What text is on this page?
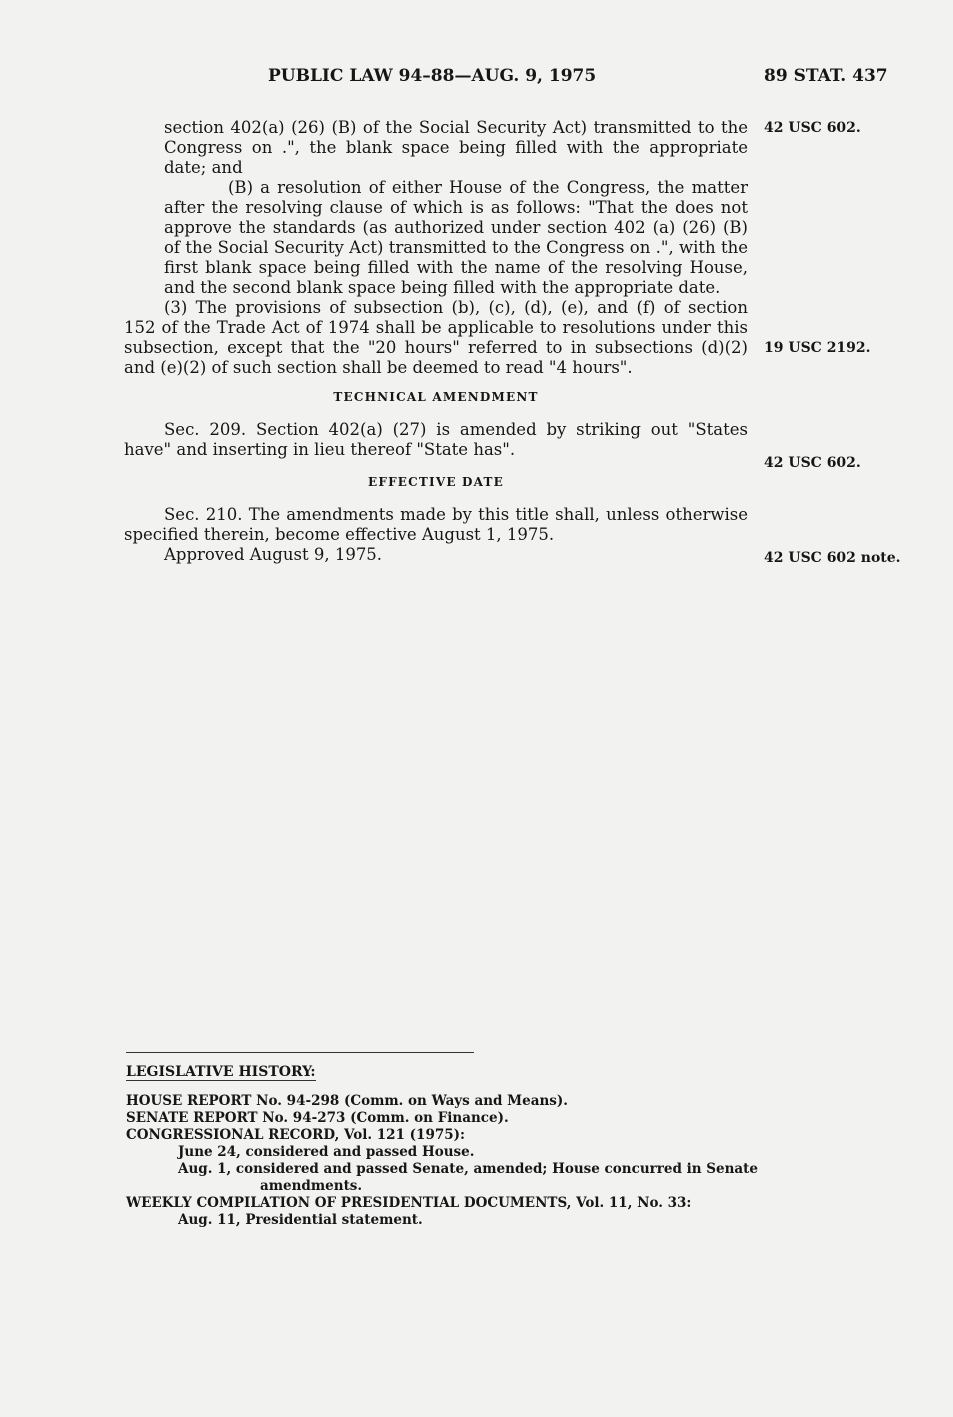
PUBLIC LAW 94–88—AUG. 9, 1975	89 STAT. 437

section 402(a) (26) (B) of the Social Security Act) transmitted to the Congress on .", the blank space being filled with the appropriate date; and

(B) a resolution of either House of the Congress, the matter after the resolving clause of which is as follows: "That the does not approve the standards (as authorized under section 402 (a) (26) (B) of the Social Security Act) transmitted to the Congress on .", with the first blank space being filled with the name of the resolving House, and the second blank space being filled with the appropriate date.

(3) The provisions of subsection (b), (c), (d), (e), and (f) of section 152 of the Trade Act of 1974 shall be applicable to resolutions under this subsection, except that the "20 hours" referred to in subsections (d)(2) and (e)(2) of such section shall be deemed to read "4 hours".

TECHNICAL AMENDMENT

Sec. 209. Section 402(a) (27) is amended by striking out "States have" and inserting in lieu thereof "State has".

EFFECTIVE DATE

Sec. 210. The amendments made by this title shall, unless otherwise specified therein, become effective August 1, 1975.

Approved August 9, 1975.

42 USC 602.
19 USC 2192.
42 USC 602.
42 USC 602 note.
LEGISLATIVE HISTORY:
HOUSE REPORT No. 94-298 (Comm. on Ways and Means).
SENATE REPORT No. 94-273 (Comm. on Finance).
CONGRESSIONAL RECORD, Vol. 121 (1975):
June 24, considered and passed House.
Aug. 1, considered and passed Senate, amended; House concurred in Senate
amendments.
WEEKLY COMPILATION OF PRESIDENTIAL DOCUMENTS, Vol. 11, No. 33:
Aug. 11, Presidential statement.
